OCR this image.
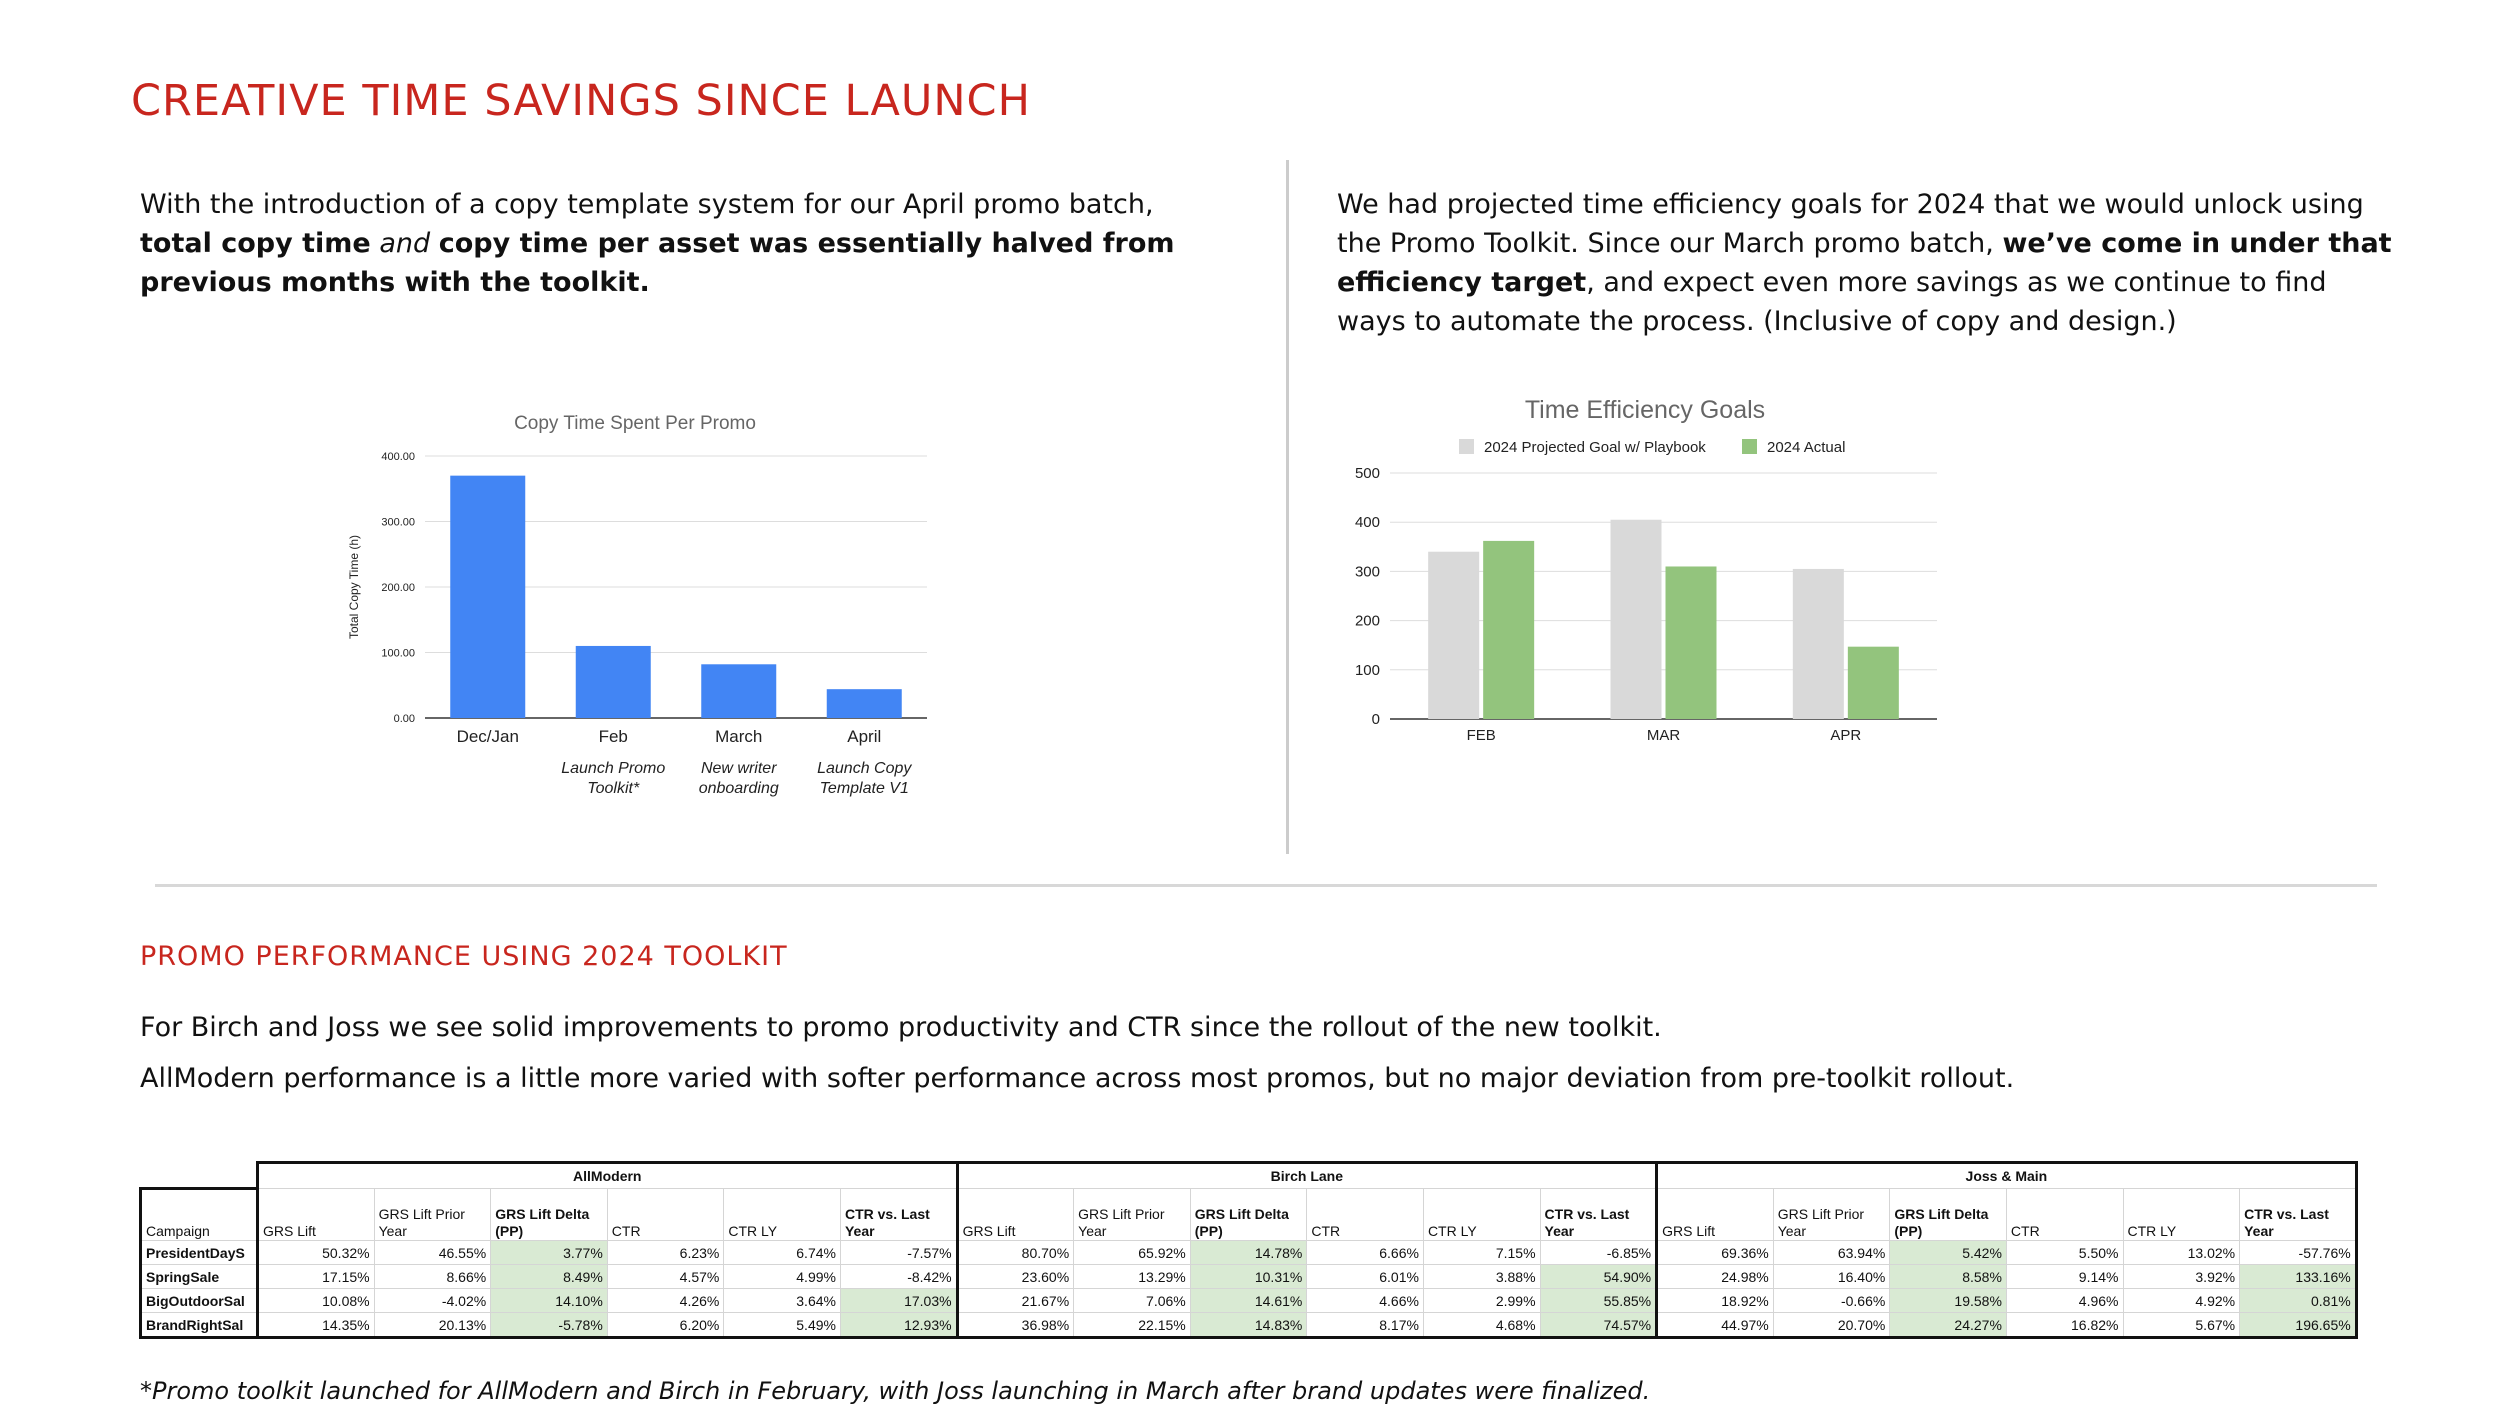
CREATIVE TIME SAVINGS SINCE LAUNCH
With the introduction of a copy template system for our April promo batch, total copy time and copy time per asset was essentially halved from previous months with the toolkit.
We had projected time efficiency goals for 2024 that we would unlock using the Promo Toolkit. Since our March promo batch, we’ve come in under that efficiency target, and expect even more savings as we continue to find ways to automate the process. (Inclusive of copy and design.)
Copy Time Spent Per Promo
Total Copy Time (h)
0.00
100.00
200.00
300.00
400.00
Dec/Jan	Feb
Launch Promo Toolkit*
March
New writer onboarding
April
Launch Copy Template V1
Time Efficiency Goals
2024 Projected Goal w/ Playbook	2024 Actual
0
100
200
300
400
500
FEB	MAR	APR
PROMO PERFORMANCE USING 2024 TOOLKIT
For Birch and Joss we see solid improvements to promo productivity and CTR since the rollout of the new toolkit.
AllModern performance is a little more varied with softer performance across most promos, but no major deviation from pre-toolkit rollout.
	AllModern						Birch Lane						Joss & Main					
Campaign	GRS Lift	GRS Lift Prior Year	GRS Lift Delta (PP)	CTR	CTR LY	CTR vs. Last Year	GRS Lift	GRS Lift Prior Year	GRS Lift Delta (PP)	CTR	CTR LY	CTR vs. Last Year	GRS Lift	GRS Lift Prior Year	GRS Lift Delta (PP)	CTR	CTR LY	CTR vs. Last Year
PresidentDayS	50.32%	46.55%	3.77%	6.23%	6.74%	-7.57%	80.70%	65.92%	14.78%	6.66%	7.15%	-6.85%	69.36%	63.94%	5.42%	5.50%	13.02%	-57.76%
SpringSale	17.15%	8.66%	8.49%	4.57%	4.99%	-8.42%	23.60%	13.29%	10.31%	6.01%	3.88%	54.90%	24.98%	16.40%	8.58%	9.14%	3.92%	133.16%
BigOutdoorSal	10.08%	-4.02%	14.10%	4.26%	3.64%	17.03%	21.67%	7.06%	14.61%	4.66%	2.99%	55.85%	18.92%	-0.66%	19.58%	4.96%	4.92%	0.81%
BrandRightSal	14.35%	20.13%	-5.78%	6.20%	5.49%	12.93%	36.98%	22.15%	14.83%	8.17%	4.68%	74.57%	44.97%	20.70%	24.27%	16.82%	5.67%	196.65%
*Promo toolkit launched for AllModern and Birch in February, with Joss launching in March after brand updates were finalized.
